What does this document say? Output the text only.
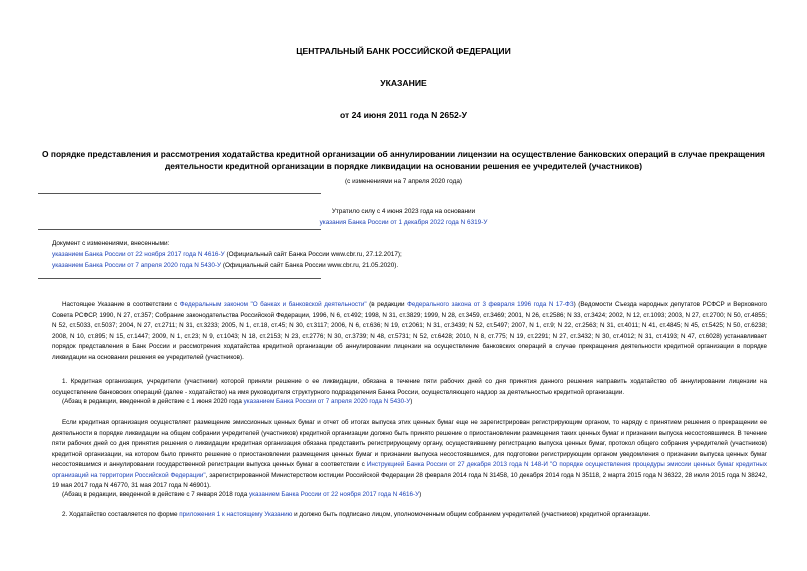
ЦЕНТРАЛЬНЫЙ БАНК РОССИЙСКОЙ ФЕДЕРАЦИИ
УКАЗАНИЕ
от 24 июня 2011 года N 2652-У
О порядке представления и рассмотрения ходатайства кредитной организации об аннулировании лицензии на осуществление банковских операций в случае прекращения деятельности кредитной организации в порядке ликвидации на основании решения ее учредителей (участников)
(с изменениями на 7 апреля 2020 года)
Утратило силу с 4 июня 2023 года на основании
указания Банка России от 1 декабря 2022 года N 6319-У
Документ с изменениями, внесенными:
указанием Банка России от 22 ноября 2017 года N 4616-У (Официальный сайт Банка России www.cbr.ru, 27.12.2017);
указанием Банка России от 7 апреля 2020 года N 5430-У (Официальный сайт Банка России www.cbr.ru, 21.05.2020).
Настоящее Указание в соответствии с Федеральным законом "О банках и банковской деятельности" (в редакции Федерального закона от 3 февраля 1996 года N 17-ФЗ) (Ведомости Съезда народных депутатов РСФСР и Верховного Совета РСФСР, 1990, N 27, ст.357; Собрание законодательства Российской Федерации, 1996, N 6, ст.492; 1998, N 31, ст.3829; 1999, N 28, ст.3459, ст.3469; 2001, N 26, ст.2586; N 33, ст.3424; 2002, N 12, ст.1093; 2003, N 27, ст.2700; N 50, ст.4855; N 52, ст.5033, ст.5037; 2004, N 27, ст.2711; N 31, ст.3233; 2005, N 1, ст.18, ст.45; N 30, ст.3117; 2006, N 6, ст.636; N 19, ст.2061; N 31, ст.3439; N 52, ст.5497; 2007, N 1, ст.9; N 22, ст.2563; N 31, ст.4011; N 41, ст.4845; N 45, ст.5425; N 50, ст.6238; 2008, N 10, ст.895; N 15, ст.1447; 2009, N 1, ст.23; N 9, ст.1043; N 18, ст.2153; N 23, ст.2776; N 30, ст.3739; N 48, ст.5731; N 52, ст.6428; 2010, N 8, ст.775; N 19, ст.2291; N 27, ст.3432; N 30, ст.4012; N 31, ст.4193; N 47, ст.6028) устанавливает порядок представления в Банк России и рассмотрения ходатайства кредитной организации об аннулировании лицензии на осуществление банковских операций в случае прекращения деятельности кредитной организации в порядке ликвидации на основании решения ее учредителей (участников).
1. Кредитная организация, учредители (участники) которой приняли решение о ее ликвидации, обязана в течение пяти рабочих дней со дня принятия данного решения направить ходатайство об аннулировании лицензии на осуществление банковских операций (далее - ходатайство) на имя руководителя структурного подразделения Банка России, осуществляющего надзор за деятельностью кредитной организации.
(Абзац в редакции, введенной в действие с 1 июня 2020 года указанием Банка России от 7 апреля 2020 года N 5430-У)
Если кредитная организация осуществляет размещение эмиссионных ценных бумаг и отчет об итогах выпуска этих ценных бумаг еще не зарегистрирован регистрирующим органом, то наряду с принятием решения о прекращении ее деятельности в порядке ликвидации на общем собрании учредителей (участников) кредитной организации должно быть принято решение о приостановлении размещения таких ценных бумаг и признании выпуска несостоявшимся. В течение пяти рабочих дней со дня принятия решения о ликвидации кредитная организация обязана представить регистрирующему органу, осуществившему регистрацию выпуска ценных бумаг, протокол общего собрания учредителей (участников) кредитной организации, на котором было принято решение о приостановлении размещения ценных бумаг и признании выпуска несостоявшимся, для подготовки регистрирующим органом уведомления о признании выпуска ценных бумаг несостоявшимся и аннулировании государственной регистрации выпуска ценных бумаг в соответствии с Инструкцией Банка России от 27 декабря 2013 года N 148-И "О порядке осуществления процедуры эмиссии ценных бумаг кредитных организаций на территории Российской Федерации", зарегистрированной Министерством юстиции Российской Федерации 28 февраля 2014 года N 31458, 10 декабря 2014 года N 35118, 2 марта 2015 года N 36322, 28 июля 2015 года N 38242, 19 мая 2017 года N 46770, 31 мая 2017 года N 46901).
(Абзац в редакции, введенной в действие с 7 января 2018 года указанием Банка России от 22 ноября 2017 года N 4616-У)
2. Ходатайство составляется по форме приложения 1 к настоящему Указанию и должно быть подписано лицом, уполномоченным общим собранием учредителей (участников) кредитной организации.
